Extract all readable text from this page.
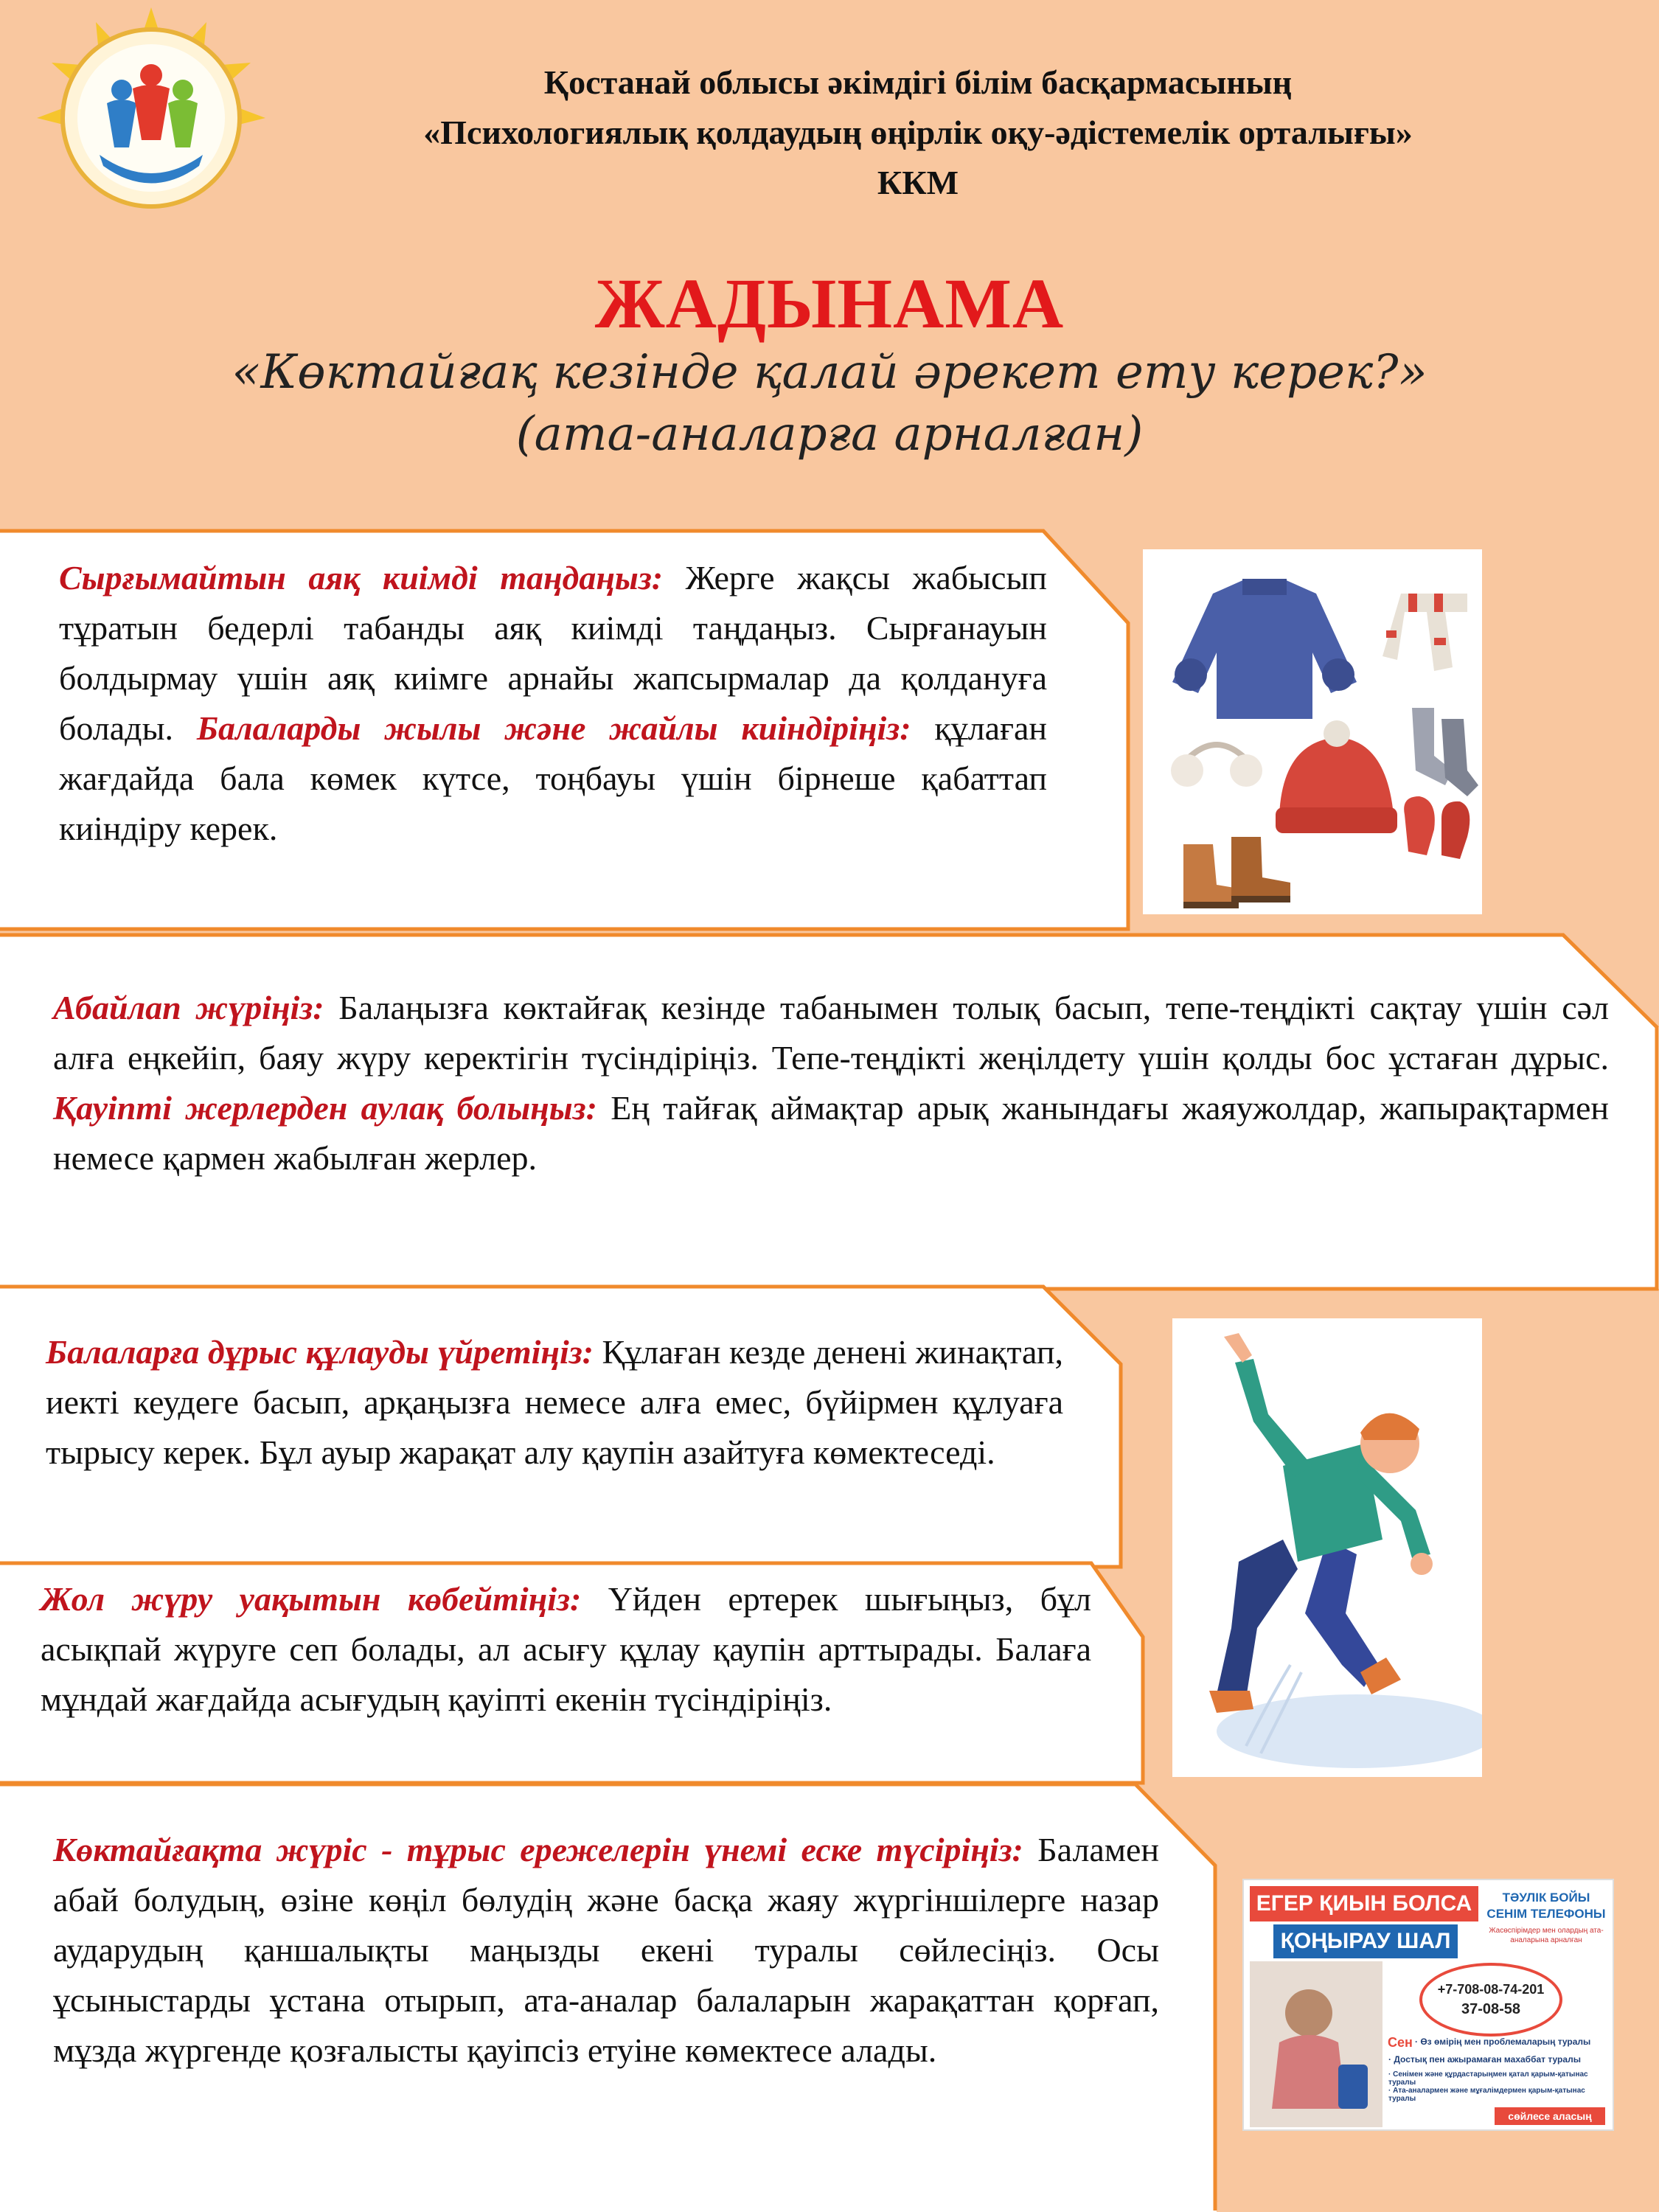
Қостанай облысы әкімдігі білім басқармасының
«Психологиялық қолдаудың өңірлік оқу-әдістемелік орталығы»
ККМ
ЖАДЫНАМА
«Көктайғақ кезінде қалай әрекет ету керек?»
(ата-аналарға арналған)
Сырғымайтын аяқ киімді таңдаңыз: Жерге жақсы жабысып тұратын бедерлі табанды аяқ киімді таңдаңыз. Сырғанауын болдырмау үшін аяқ киімге арнайы жапсырмалар да қолдануға болады. Балаларды жылы және жайлы киіндіріңіз: құлаған жағдайда бала көмек күтсе, тоңбауы үшін бірнеше қабаттап киіндіру керек.
Абайлап жүріңіз: Балаңызға көктайғақ кезінде табанымен толық басып, тепе-теңдікті сақтау үшін сәл алға еңкейіп, баяу жүру керектігін түсіндіріңіз. Тепе-теңдікті жеңілдету үшін қолды бос ұстаған дұрыс. Қауіпті жерлерден аулақ болыңыз: Ең тайғақ аймақтар арық жанындағы жаяужолдар, жапырақтармен немесе қармен жабылған жерлер.
Балаларға дұрыс құлауды үйретіңіз: Құлаған кезде денені жинақтап, иекті кеудеге басып, арқаңызға немесе алға емес, бүйірмен құлуаға тырысу керек. Бұл ауыр жарақат алу қаупін азайтуға көмектеседі.
Жол жүру уақытын көбейтіңіз: Үйден ертерек шығыңыз, бұл асықпай жүруге сеп болады, ал асығу құлау қаупін арттырады. Балаға мұндай жағдайда асығудың қауіпті екенін түсіндіріңіз.
Көктайғақта жүріс - тұрыс ережелерін үнемі еске түсіріңіз: Баламен абай болудың, өзіне көңіл бөлудің және басқа жаяу жүргіншілерге назар аударудың қаншалықты маңызды екені туралы сөйлесіңіз. Осы ұсыныстарды ұстана отырып, ата-аналар балаларын жарақаттан қорғап, мұзда жүргенде қозғалысты қауіпсіз етуіне көмектесе алады.
ЕГЕР ҚИЫН БОЛСА
ҚОҢЫРАУ ШАЛ
ТӘУЛІК БОЙЫ
СЕНІМ ТЕЛЕФОНЫ
Жасөспірімдер мен олардың ата-аналарына арналған
+7-708-08-74-201
37-08-58
Сен · Өз өмірің мен проблемаларың туралы
· Достық пен ажырамаған махаббат туралы
· Сенімен және құрдастарыңмен қатал қарым-қатынас туралы
· Ата-аналармен және мұғалімдермен қарым-қатынас туралы
сөйлесе аласың
